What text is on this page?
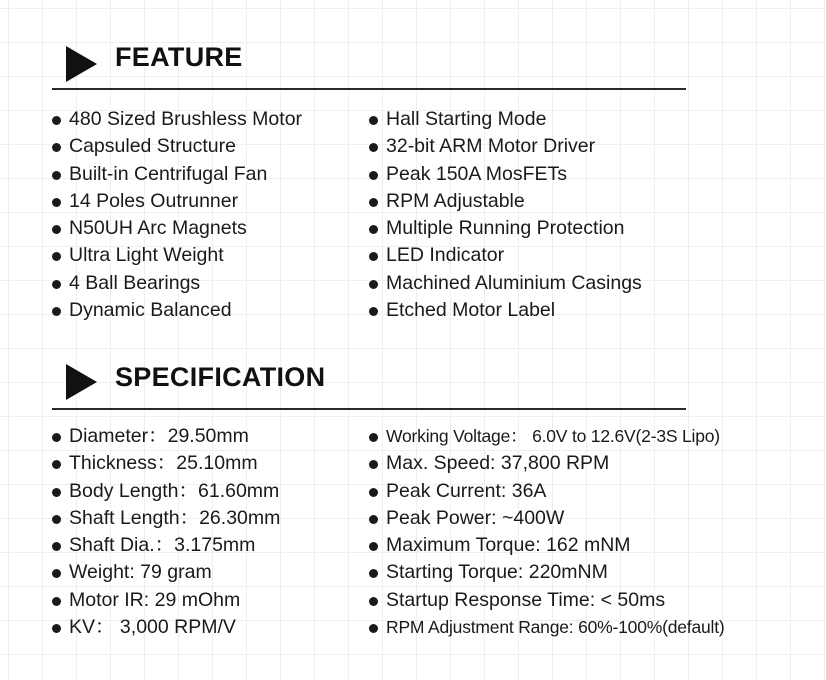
FEATURE
480 Sized Brushless Motor
Capsuled Structure
Built-in Centrifugal Fan
14 Poles Outrunner
N50UH Arc Magnets
Ultra Light Weight
4 Ball Bearings
Dynamic Balanced
Hall Starting Mode
32-bit ARM Motor Driver
Peak 150A MosFETs
RPM Adjustable
Multiple Running Protection
LED Indicator
Machined Aluminium Casings
Etched Motor Label
SPECIFICATION
Diameter：29.50mm
Thickness：25.10mm
Body Length：61.60mm
Shaft Length：26.30mm
Shaft Dia.：3.175mm
Weight: 79 gram
Motor IR: 29 mOhm
KV： 3,000 RPM/V
Working Voltage： 6.0V to 12.6V(2-3S Lipo)
Max. Speed: 37,800 RPM
Peak Current: 36A
Peak Power: ~400W
Maximum Torque: 162 mNM
Starting Torque: 220mNM
Startup Response Time: < 50ms
RPM Adjustment Range: 60%-100%(default)
